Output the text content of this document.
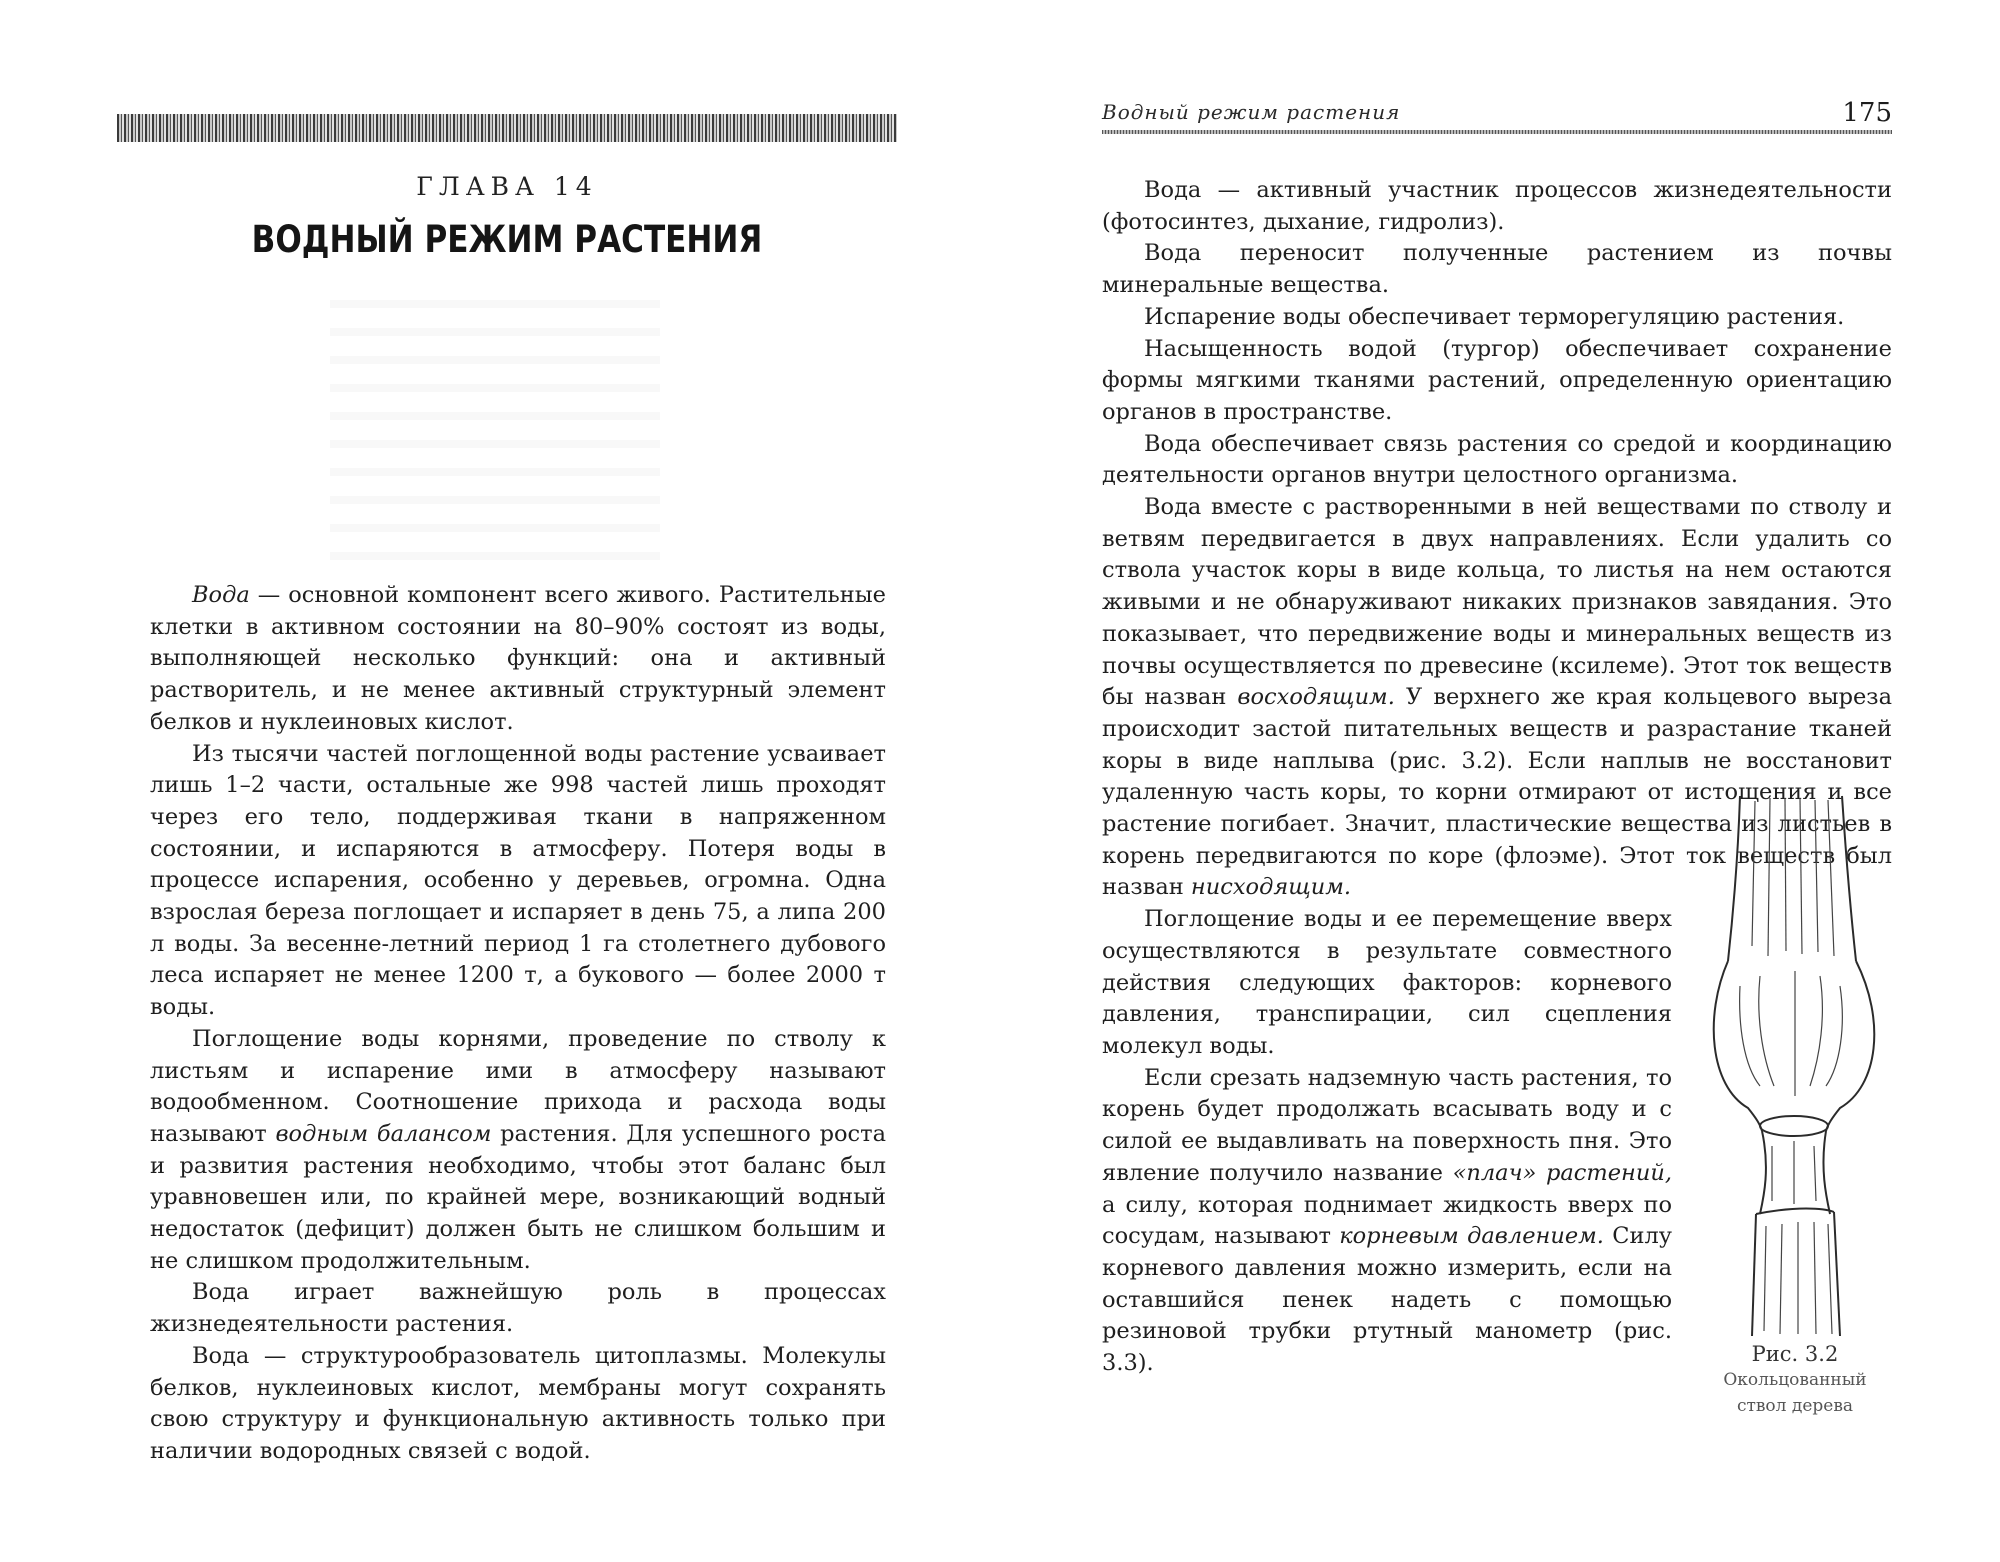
ГЛАВА 14
ВОДНЫЙ РЕЖИМ РАСТЕНИЯ

Вода — основной компонент всего живого. Растительные клетки в активном состоянии на 80–90% состоят из воды, выполняющей несколько функций: она и активный растворитель, и не менее активный структурный элемент белков и нуклеиновых кислот.

Из тысячи частей поглощенной воды растение усваивает лишь 1–2 части, остальные же 998 частей лишь проходят через его тело, поддерживая ткани в напряженном состоянии, и испаряются в атмосферу. Потеря воды в процессе испарения, особенно у деревьев, огромна. Одна взрослая береза поглощает и испаряет в день 75, а липа 200 л воды. За весенне-летний период 1 га столетнего дубового леса испаряет не менее 1200 т, а букового — более 2000 т воды.

Поглощение воды корнями, проведение по стволу к листьям и испарение ими в атмосферу называют водообменном. Соотношение прихода и расхода воды называют водным балансом растения. Для успешного роста и развития растения необходимо, чтобы этот баланс был уравновешен или, по крайней мере, возникающий водный недостаток (дефицит) должен быть не слишком большим и не слишком продолжительным.

Вода играет важнейшую роль в процессах жизнедеятельности растения.

Вода — структурообразователь цитоплазмы. Молекулы белков, нуклеиновых кислот, мембраны могут сохранять свою структуру и функциональную активность только при наличии водородных связей с водой.

Водный режим растения	175

Вода — активный участник процессов жизнедеятельности (фотосинтез, дыхание, гидролиз).

Вода переносит полученные растением из почвы минеральные вещества.

Испарение воды обеспечивает терморегуляцию растения.

Насыщенность водой (тургор) обеспечивает сохранение формы мягкими тканями растений, определенную ориентацию органов в пространстве.

Вода обеспечивает связь растения со средой и координацию деятельности органов внутри целостного организма.

Вода вместе с растворенными в ней веществами по стволу и ветвям передвигается в двух направлениях. Если удалить со ствола участок коры в виде кольца, то листья на нем остаются живыми и не обнаруживают никаких признаков завядания. Это показывает, что передвижение воды и минеральных веществ из почвы осуществляется по древесине (ксилеме). Этот ток веществ бы назван восходящим. У верхнего же края кольцевого выреза происходит застой питательных веществ и разрастание тканей коры в виде наплыва (рис. 3.2). Если наплыв не восстановит удаленную часть коры, то корни отмирают от истощения и все растение погибает. Значит, пластические вещества из листьев в корень передвигаются по коре (флоэме). Этот ток веществ был назван нисходящим.

Поглощение воды и ее перемещение вверх осуществляются в результате совместного действия следующих факторов: корневого давления, транспирации, сил сцепления молекул воды.

Если срезать надземную часть растения, то корень будет продолжать всасывать воду и с силой ее выдавливать на поверхность пня. Это явление получило название «плач» растений, а силу, которая поднимает жидкость вверх по сосудам, называют корневым давлением. Силу корневого давления можно измерить, если на оставшийся пенек надеть с помощью резиновой трубки ртутный манометр (рис. 3.3).	Рис. 3.2
Окольцованный ствол дерева
